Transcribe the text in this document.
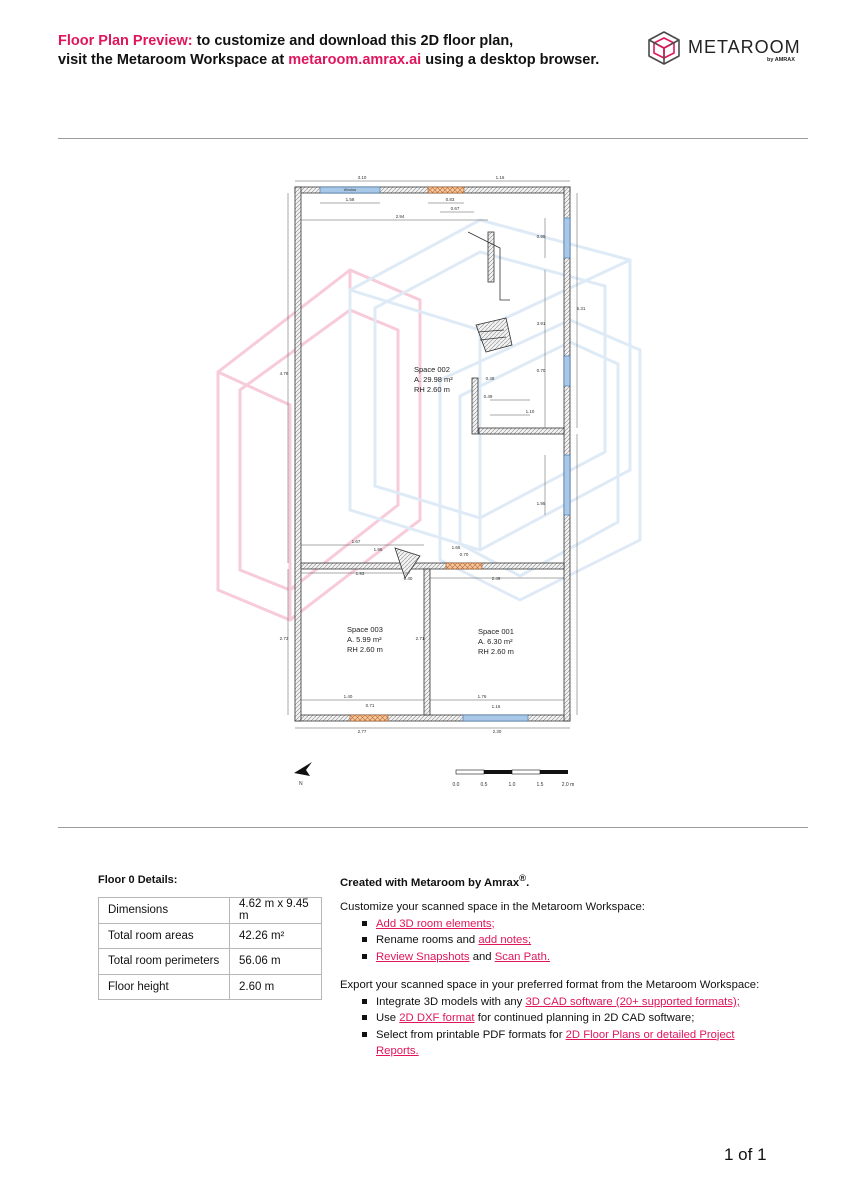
Floor Plan Preview: to customize and download this 2D floor plan,
visit the Metaroom Workspace at metaroom.amrax.ai using a desktop browser.
METAROOM
by AMRAX
3.10	1.16
1.58	0.83
0.67
2.94
4.78
5.31
3.91
0.95
0.70
0.48
0.49
1.10
1.95
1.67
1.96	1.65
0.70
1.93
0.40	2.49
2.73	2.71
1.40
0.71
1.76
1.16
2.77	2.30
Window
Space 002
A. 29.98 m²
RH 2.60 m
Space 003
A. 5.99 m²
RH 2.60 m
Space 001
A. 6.30 m²
RH 2.60 m
N	0.0	0.5	1.0	1.5	2.0 m
Floor 0 Details:
Dimensions	4.62 m x 9.45 m
Total room areas	42.26 m²
Total room perimeters	56.06 m
Floor height	2.60 m

Created with Metaroom by Amrax®.

Customize your scanned space in the Metaroom Workspace:

Add 3D room elements;
Rename rooms and add notes;
Review Snapshots and Scan Path.

Export your scanned space in your preferred format from the Metaroom Workspace:

Integrate 3D models with any 3D CAD software (20+ supported formats);
Use 2D DXF format for continued planning in 2D CAD software;
Select from printable PDF formats for 2D Floor Plans or detailed Project Reports.
1 of 1
